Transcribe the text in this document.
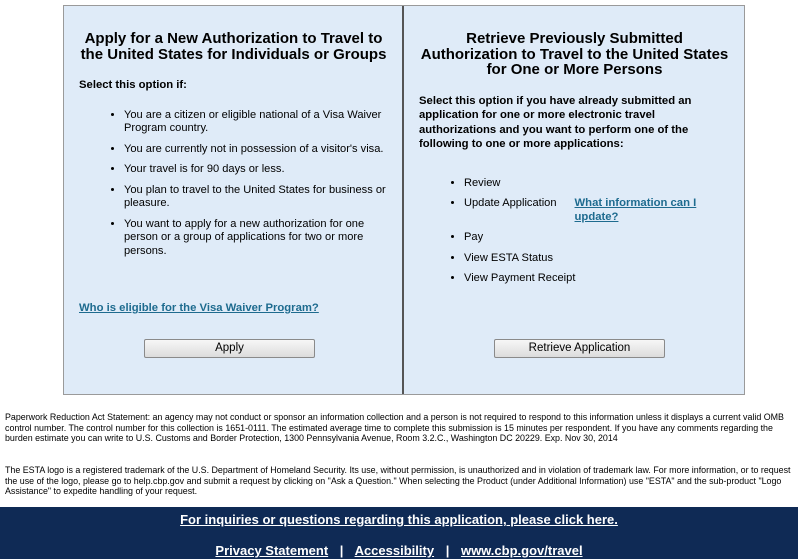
Apply for a New Authorization to Travel to the United States for Individuals or Groups

Select this option if:

• You are a citizen or eligible national of a Visa Waiver Program country.
• You are currently not in possession of a visitor's visa.
• Your travel is for 90 days or less.
• You plan to travel to the United States for business or pleasure.
• You want to apply for a new authorization for one person or a group of applications for two or more persons.
Who is eligible for the Visa Waiver Program?
Apply
Retrieve Previously Submitted Authorization to Travel to the United States for One or More Persons

Select this option if you have already submitted an application for one or more electronic travel authorizations and you want to perform one of the following to one or more applications:

• Review
• Update Application	What information can I update?
• Pay
• View ESTA Status
• View Payment Receipt
Retrieve Application
Paperwork Reduction Act Statement: an agency may not conduct or sponsor an information collection and a person is not required to respond to this information unless it displays a current valid OMB control number. The control number for this collection is 1651-0111. The estimated average time to complete this submission is 15 minutes per respondent. If you have any comments regarding the burden estimate you can write to U.S. Customs and Border Protection, 1300 Pennsylvania Avenue, Room 3.2.C., Washington DC 20229. Exp. Nov 30, 2014
The ESTA logo is a registered trademark of the U.S. Department of Homeland Security. Its use, without permission, is unauthorized and in violation of trademark law. For more information, or to request the use of the logo, please go to help.cbp.gov and submit a request by clicking on "Ask a Question." When selecting the Product (under Additional Information) use "ESTA" and the sub-product "Logo Assistance" to expedite handling of your request.
For inquiries or questions regarding this application, please click here.
Privacy Statement | Accessibility | www.cbp.gov/travel
